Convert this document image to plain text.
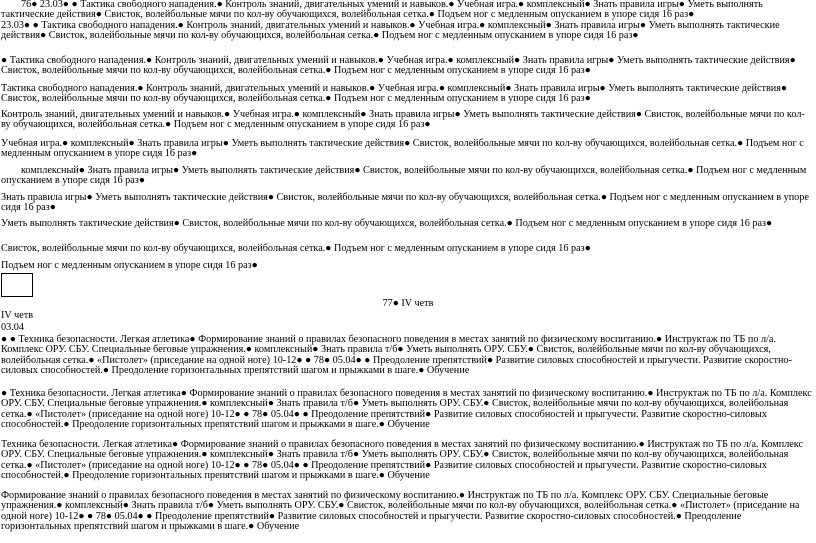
76● 23.03● ● Тактика свободного нападения.● Контроль знаний, двигательных умений и навыков.● Учебная игра.● комплексный● Знать правила игры● Уметь выполнять тактические действия● Свисток, волейбольные мячи по кол-ву обучающихся, волейбольная сетка.● Подъем ног с медленным опусканием в упоре сидя 16 раз●

23.03● ● Тактика свободного нападения.● Контроль знаний, двигательных умений и навыков.● Учебная игра.● комплексный● Знать правила игры● Уметь выполнять тактические действия● Свисток, волейбольные мячи по кол-ву обучающихся, волейбольная сетка.● Подъем ног с медленным опусканием в упоре сидя 16 раз●

● Тактика свободного нападения.● Контроль знаний, двигательных умений и навыков.● Учебная игра.● комплексный● Знать правила игры● Уметь выполнять тактические действия● Свисток, волейбольные мячи по кол-ву обучающихся, волейбольная сетка.● Подъем ног с медленным опусканием в упоре сидя 16 раз●

Тактика свободного нападения.● Контроль знаний, двигательных умений и навыков.● Учебная игра.● комплексный● Знать правила игры● Уметь выполнять тактические действия● Свисток, волейбольные мячи по кол-ву обучающихся, волейбольная сетка.● Подъем ног с медленным опусканием в упоре сидя 16 раз●

Контроль знаний, двигательных умений и навыков.● Учебная игра.● комплексный● Знать правила игры● Уметь выполнять тактические действия● Свисток, волейбольные мячи по кол-ву обучающихся, волейбольная сетка.● Подъем ног с медленным опусканием в упоре сидя 16 раз●

Учебная игра.● комплексный● Знать правила игры● Уметь выполнять тактические действия● Свисток, волейбольные мячи по кол-ву обучающихся, волейбольная сетка.● Подъем ног с медленным опусканием в упоре сидя 16 раз●

комплексный● Знать правила игры● Уметь выполнять тактические действия● Свисток, волейбольные мячи по кол-ву обучающихся, волейбольная сетка.● Подъем ног с медленным опусканием в упоре сидя 16 раз●

Знать правила игры● Уметь выполнять тактические действия● Свисток, волейбольные мячи по кол-ву обучающихся, волейбольная сетка.● Подъем ног с медленным опусканием в упоре сидя 16 раз●

Уметь выполнять тактические действия● Свисток, волейбольные мячи по кол-ву обучающихся, волейбольная сетка.● Подъем ног с медленным опусканием в упоре сидя 16 раз●

Свисток, волейбольные мячи по кол-ву обучающихся, волейбольная сетка.● Подъем ног с медленным опусканием в упоре сидя 16 раз●

Подъем ног с медленным опусканием в упоре сидя 16 раз●

77● IV четв

IV четв

03.04

● ● Техника безопасности. Легкая атлетика● Формирование знаний о правилах безопасного поведения в местах занятий по физическому воспитанию.● Инструктаж по ТБ по л/а. Комплекс ОРУ. СБУ. Специальные беговые упражнения.● комплексный● Знать правила т/б● Уметь выполнять ОРУ. СБУ.● Свисток, волейбольные мячи по кол-ву обучающихся, волейбольная сетка.● «Пистолет» (приседание на одной ноге) 10-12● ● 78● 05.04● ● Преодоление препятствий● Развитие силовых способностей и прыгучести. Развитие скоростно-силовых способностей.● Преодоление горизонтальных препятствий шагом и прыжками в шаге.● Обучение

● Техника безопасности. Легкая атлетика● Формирование знаний о правилах безопасного поведения в местах занятий по физическому воспитанию.● Инструктаж по ТБ по л/а. Комплекс ОРУ. СБУ. Специальные беговые упражнения.● комплексный● Знать правила т/б● Уметь выполнять ОРУ. СБУ.● Свисток, волейбольные мячи по кол-ву обучающихся, волейбольная сетка.● «Пистолет» (приседание на одной ноге) 10-12● ● 78● 05.04● ● Преодоление препятствий● Развитие силовых способностей и прыгучести. Развитие скоростно-силовых способностей.● Преодоление горизонтальных препятствий шагом и прыжками в шаге.● Обучение

Техника безопасности. Легкая атлетика● Формирование знаний о правилах безопасного поведения в местах занятий по физическому воспитанию.● Инструктаж по ТБ по л/а. Комплекс ОРУ. СБУ. Специальные беговые упражнения.● комплексный● Знать правила т/б● Уметь выполнять ОРУ. СБУ.● Свисток, волейбольные мячи по кол-ву обучающихся, волейбольная сетка.● «Пистолет» (приседание на одной ноге) 10-12● ● 78● 05.04● ● Преодоление препятствий● Развитие силовых способностей и прыгучести. Развитие скоростно-силовых способностей.● Преодоление горизонтальных препятствий шагом и прыжками в шаге.● Обучение

Формирование знаний о правилах безопасного поведения в местах занятий по физическому воспитанию.● Инструктаж по ТБ по л/а. Комплекс ОРУ. СБУ. Специальные беговые упражнения.● комплексный● Знать правила т/б● Уметь выполнять ОРУ. СБУ.● Свисток, волейбольные мячи по кол-ву обучающихся, волейбольная сетка.● «Пистолет» (приседание на одной ноге) 10-12● ● 78● 05.04● ● Преодоление препятствий● Развитие силовых способностей и прыгучести. Развитие скоростно-силовых способностей.● Преодоление горизонтальных препятствий шагом и прыжками в шаге.● Обучение
